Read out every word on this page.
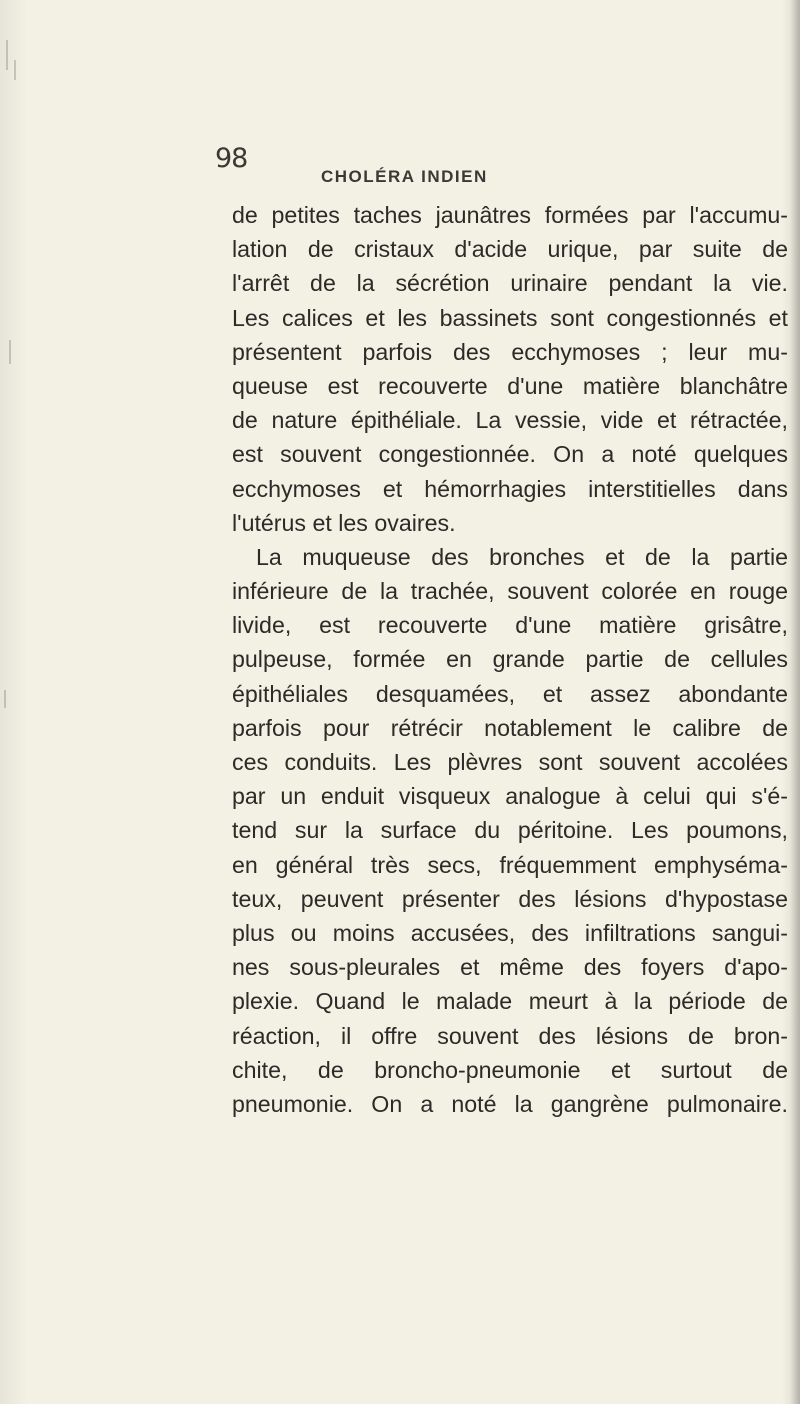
98
CHOLÉRA INDIEN
de petites taches jaunâtres formées par l'accumu-
lation de cristaux d'acide urique, par suite de
l'arrêt de la sécrétion urinaire pendant la vie.
Les calices et les bassinets sont congestionnés et
présentent parfois des ecchymoses ; leur mu-
queuse est recouverte d'une matière blanchâtre
de nature épithéliale. La vessie, vide et rétractée,
est souvent congestionnée. On a noté quelques
ecchymoses et hémorrhagies interstitielles dans
l'utérus et les ovaires.
La muqueuse des bronches et de la partie
inférieure de la trachée, souvent colorée en rouge
livide, est recouverte d'une matière grisâtre,
pulpeuse, formée en grande partie de cellules
épithéliales desquamées, et assez abondante
parfois pour rétrécir notablement le calibre de
ces conduits. Les plèvres sont souvent accolées
par un enduit visqueux analogue à celui qui s'é-
tend sur la surface du péritoine. Les poumons,
en général très secs, fréquemment emphyséma-
teux, peuvent présenter des lésions d'hypostase
plus ou moins accusées, des infiltrations sangui-
nes sous-pleurales et même des foyers d'apo-
plexie. Quand le malade meurt à la période de
réaction, il offre souvent des lésions de bron-
chite, de broncho-pneumonie et surtout de
pneumonie. On a noté la gangrène pulmonaire.
